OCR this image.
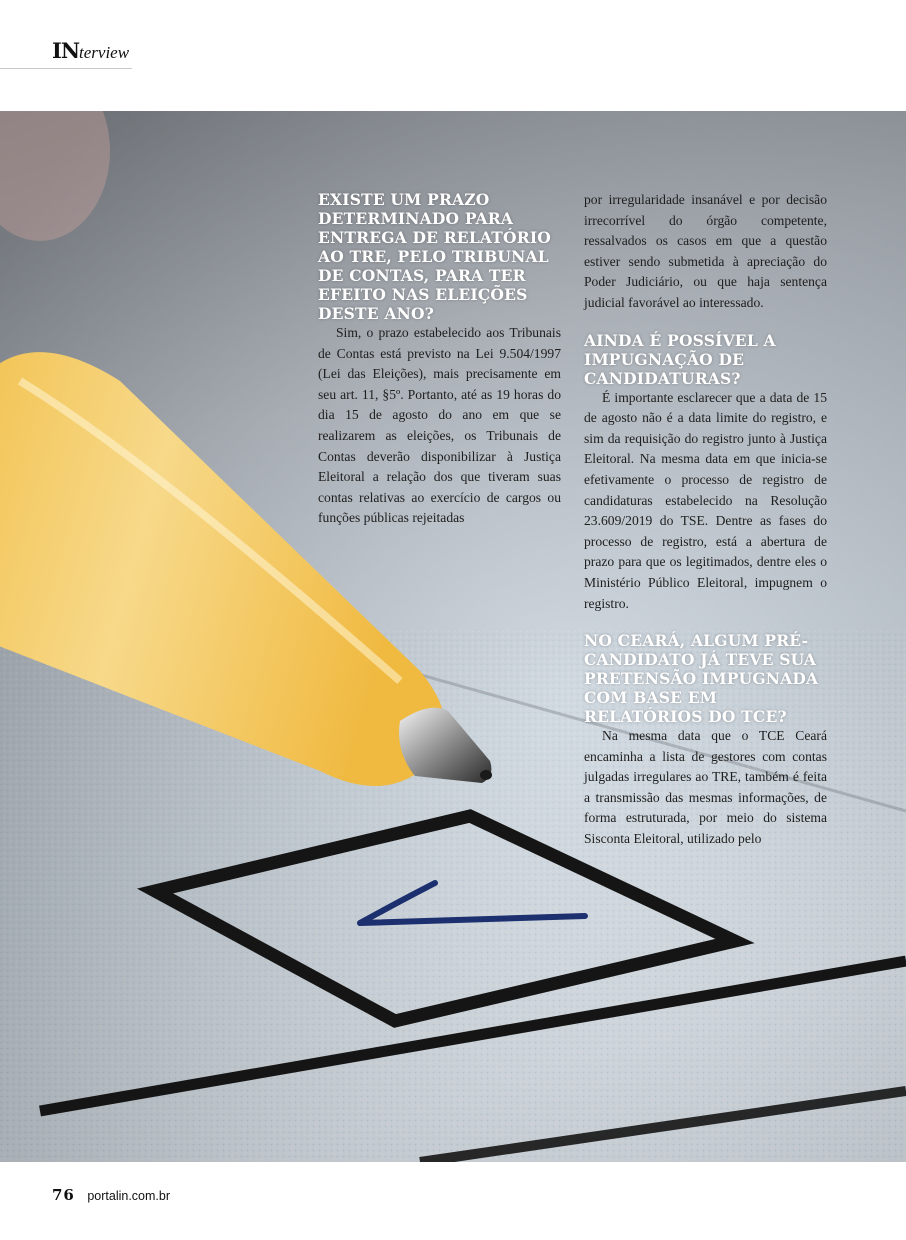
INterview

EXISTE UM PRAZO DETERMINADO PARA ENTREGA DE RELATÓRIO AO TRE, PELO TRIBUNAL DE CONTAS, PARA TER EFEITO NAS ELEIÇÕES DESTE ANO?

Sim, o prazo estabelecido aos Tribunais de Contas está previsto na Lei 9.504/1997 (Lei das Eleições), mais precisamente em seu art. 11, §5º. Portanto, até as 19 horas do dia 15 de agosto do ano em que se realizarem as eleições, os Tribunais de Contas deverão disponibilizar à Justiça Eleitoral a relação dos que tiveram suas contas relativas ao exercício de cargos ou funções públicas rejeitadas

por irregularidade insanável e por decisão irrecorrível do órgão competente, ressalvados os casos em que a questão estiver sendo submetida à apreciação do Poder Judiciário, ou que haja sentença judicial favorável ao interessado.

AINDA É POSSÍVEL A IMPUGNAÇÃO DE CANDIDATURAS?

É importante esclarecer que a data de 15 de agosto não é a data limite do registro, e sim da requisição do registro junto à Justiça Eleitoral. Na mesma data em que inicia-se efetivamente o processo de registro de candidaturas estabelecido na Resolução 23.609/2019 do TSE. Dentre as fases do processo de registro, está a abertura de prazo para que os legitimados, dentre eles o Ministério Público Eleitoral, impugnem o registro.

NO CEARÁ, ALGUM PRÉ-CANDIDATO JÁ TEVE SUA PRETENSÃO IMPUGNADA COM BASE EM RELATÓRIOS DO TCE?

Na mesma data que o TCE Ceará encaminha a lista de gestores com contas julgadas irregulares ao TRE, também é feita a transmissão das mesmas informações, de forma estruturada, por meio do sistema Sisconta Eleitoral, utilizado pelo

76 portalin.com.br
